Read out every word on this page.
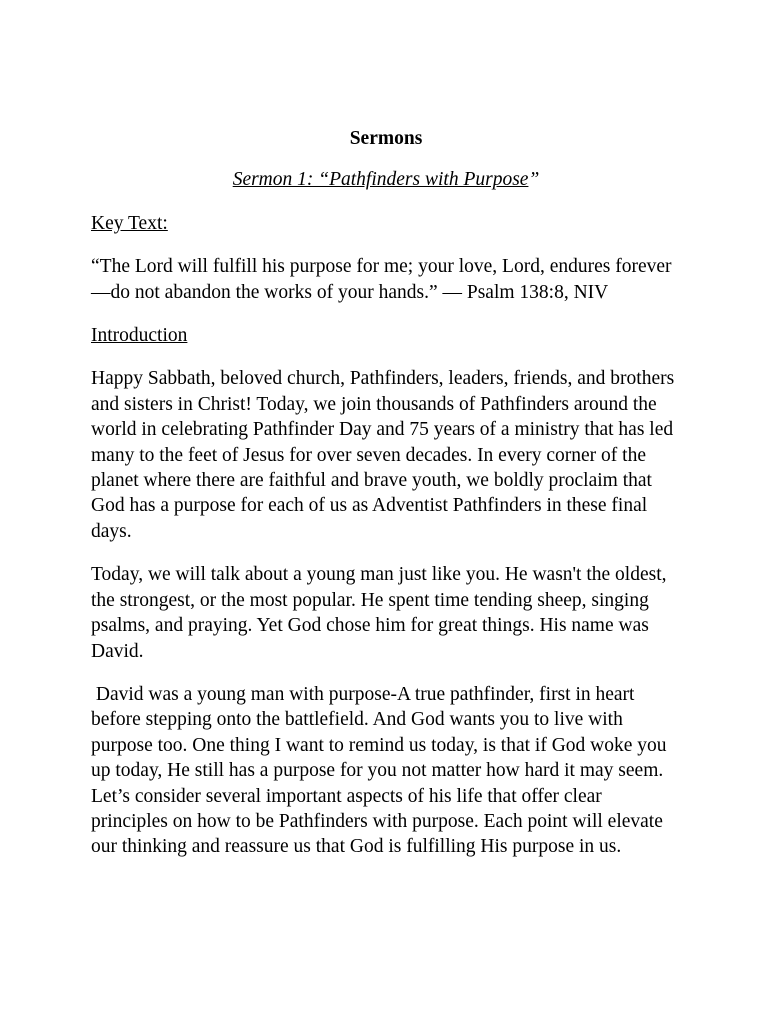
Sermons

Sermon 1: “Pathfinders with Purpose”

Key Text:

“The Lord will fulfill his purpose for me; your love, Lord, endures forever—do not abandon the works of your hands.” — Psalm 138:8, NIV

Introduction

Happy Sabbath, beloved church, Pathfinders, leaders, friends, and brothers and sisters in Christ! Today, we join thousands of Pathfinders around the world in celebrating Pathfinder Day and 75 years of a ministry that has led many to the feet of Jesus for over seven decades. In every corner of the planet where there are faithful and brave youth, we boldly proclaim that God has a purpose for each of us as Adventist Pathfinders in these final days.

Today, we will talk about a young man just like you. He wasn't the oldest, the strongest, or the most popular. He spent time tending sheep, singing psalms, and praying. Yet God chose him for great things. His name was David.

David was a young man with purpose-A true pathfinder, first in heart before stepping onto the battlefield. And God wants you to live with purpose too. One thing I want to remind us today, is that if God woke you up today, He still has a purpose for you not matter how hard it may seem.  Let’s consider several important aspects of his life that offer clear principles on how to be Pathfinders with purpose. Each point will elevate our thinking and reassure us that God is fulfilling His purpose in us.
